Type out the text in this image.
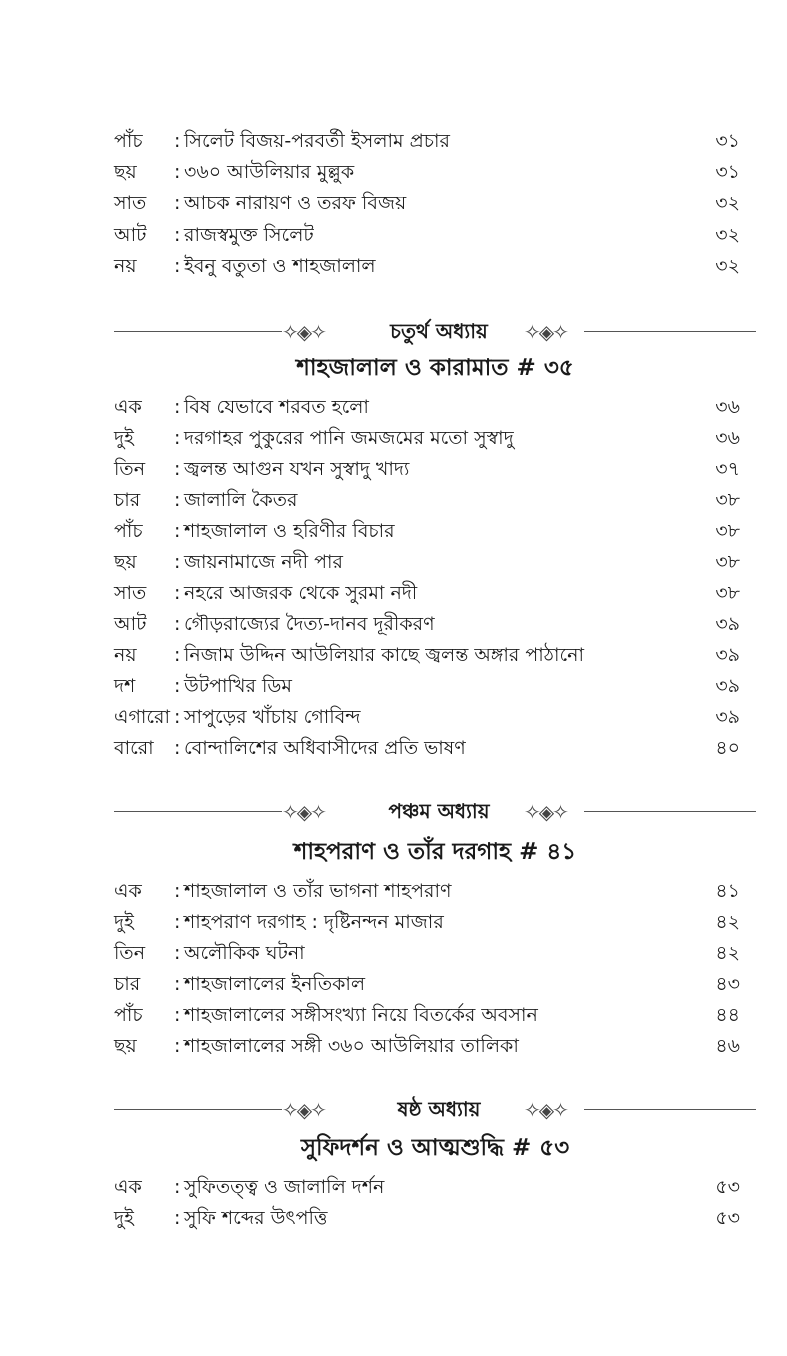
পাঁচ	: সিলেট বিজয়-পরবর্তী ইসলাম প্রচার	৩১
ছয়	: ৩৬০ আউলিয়ার মুল্লুক	৩১
সাত	: আচক নারায়ণ ও তরফ বিজয়	৩২
আট	: রাজস্বমুক্ত সিলেট	৩২
নয়	: ইবনু বতুতা ও শাহজালাল	৩২
✧◈✧	চতুর্থ অধ্যায়	✧◈✧
শাহজালাল ও কারামাত # ৩৫
এক	: বিষ যেভাবে শরবত হলো	৩৬
দুই	: দরগাহর পুকুরের পানি জমজমের মতো সুস্বাদু	৩৬
তিন	: জ্বলন্ত আগুন যখন সুস্বাদু খাদ্য	৩৭
চার	: জালালি কৈতর	৩৮
পাঁচ	: শাহজালাল ও হরিণীর বিচার	৩৮
ছয়	: জায়নামাজে নদী পার	৩৮
সাত	: নহরে আজরক থেকে সুরমা নদী	৩৮
আট	: গৌড়রাজ্যের দৈত্য-দানব দূরীকরণ	৩৯
নয়	: নিজাম উদ্দিন আউলিয়ার কাছে জ্বলন্ত অঙ্গার পাঠানো	৩৯
দশ	: উটপাখির ডিম	৩৯
এগারো : সাপুড়ের খাঁচায় গোবিন্দ	৩৯
বারো	: বোন্দালিশের অধিবাসীদের প্রতি ভাষণ	৪০
✧◈✧	পঞ্চম অধ্যায়	✧◈✧
শাহপরাণ ও তাঁর দরগাহ # ৪১
এক	: শাহজালাল ও তাঁর ভাগনা শাহপরাণ	৪১
দুই	: শাহপরাণ দরগাহ : দৃষ্টিনন্দন মাজার	৪২
তিন	: অলৌকিক ঘটনা	৪২
চার	: শাহজালালের ইনতিকাল	৪৩
পাঁচ	: শাহজালালের সঙ্গীসংখ্যা নিয়ে বিতর্কের অবসান	৪৪
ছয়	: শাহজালালের সঙ্গী ৩৬০ আউলিয়ার তালিকা	৪৬
✧◈✧	ষষ্ঠ অধ্যায়	✧◈✧
সুফিদর্শন ও আত্মশুদ্ধি # ৫৩
এক	: সুফিতত্ত্ব ও জালালি দর্শন	৫৩
দুই	: সুফি শব্দের উৎপত্তি	৫৩
